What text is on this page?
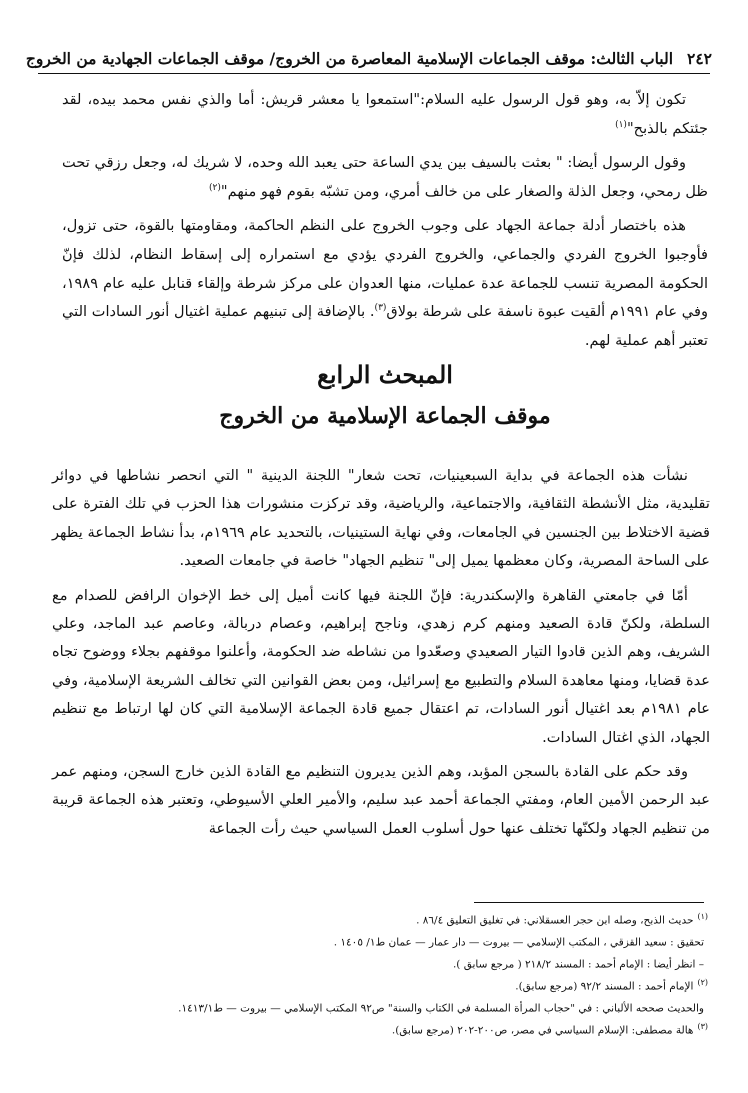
٢٤٢
الباب الثالث: موقف الجماعات الإسلامية المعاصرة من الخروج/ موقف الجماعات الجهادية من الخروج

تكون إلاّ به، وهو قول الرسول عليه السلام:"استمعوا يا معشر قريش: أما والذي نفس محمد بيده، لقد جئتكم بالذبح"$^{(١)}$

وقول الرسول أيضا: " بعثت بالسيف بين يدي الساعة حتى يعبد الله وحده، لا شريك له، وجعل رزقي تحت ظل رمحي، وجعل الذلة والصغار على من خالف أمري، ومن تشبّه بقوم فهو منهم"$^{(٢)}$

هذه باختصار أدلة جماعة الجهاد على وجوب الخروج على النظم الحاكمة، ومقاومتها بالقوة، حتى تزول، فأوجبوا الخروج الفردي والجماعي، والخروج الفردي يؤدي مع استمراره إلى إسقاط النظام، لذلك فإنّ الحكومة المصرية تنسب للجماعة عدة عمليات، منها العدوان على مركز شرطة وإلقاء قنابل عليه عام ١٩٨٩، وفي عام ١٩٩١م ألقيت عبوة ناسفة على شرطة بولاق$^{(٣)}$. بالإضافة إلى تبنيهم عملية اغتيال أنور السادات التي تعتبر أهم عملية لهم.

المبحث الرابع
موقف الجماعة الإسلامية من الخروج

نشأت هذه الجماعة في بداية السبعينيات، تحت شعار" اللجنة الدينية " التي انحصر نشاطها في دوائر تقليدية، مثل الأنشطة الثقافية، والاجتماعية، والرياضية، وقد تركزت منشورات هذا الحزب في تلك الفترة على قضية الاختلاط بين الجنسين في الجامعات، وفي نهاية الستينيات، بالتحديد عام ١٩٦٩م، بدأ نشاط الجماعة يظهر على الساحة المصرية، وكان معظمها يميل إلى" تنظيم الجهاد" خاصة في جامعات الصعيد.

أمّا في جامعتي القاهرة والإسكندرية: فإنّ اللجنة فيها كانت أميل إلى خط الإخوان الرافض للصدام مع السلطة، ولكنّ قادة الصعيد ومنهم كرم زهدي، وناجح إبراهيم، وعصام دربالة، وعاصم عبد الماجد، وعلي الشريف، وهم الذين قادوا التيار الصعيدي وصعّدوا من نشاطه ضد الحكومة، وأعلنوا موقفهم بجلاء ووضوح تجاه عدة قضايا، ومنها معاهدة السلام والتطبيع مع إسرائيل، ومن بعض القوانين التي تخالف الشريعة الإسلامية، وفي عام ١٩٨١م بعد اغتيال أنور السادات، تم اعتقال جميع قادة الجماعة الإسلامية التي كان لها ارتباط مع تنظيم الجهاد، الذي اغتال السادات.

وقد حكم على القادة بالسجن المؤبد، وهم الذين يديرون التنظيم مع القادة الذين خارج السجن، ومنهم عمر عبد الرحمن الأمين العام، ومفتي الجماعة أحمد عبد سليم، والأمير العلي الأسيوطي، وتعتبر هذه الجماعة قريبة من تنظيم الجهاد ولكنّها تختلف عنها حول أسلوب العمل السياسي حيث رأت الجماعة

$^{(١)}$حديث الذبح، وصله ابن حجر العسقلاني: في تغليق التعليق ٨٦/٤ .
تحقيق : سعيد القزقي ، المكتب الإسلامي — بيروت — دار عمار — عمان ط١/ ١٤٠٥ .
– انظر أيضا : الإمام أحمد : المسند ٢١٨/٢ ( مرجع سابق ).
$^{(٢)}$الإمام أحمد : المسند ٩٢/٢ (مرجع سابق).
والحديث صححه الألباني : في "حجاب المرأة المسلمة في الكتاب والسنة" ص٩٢ المكتب الإسلامي — بيروت — ط١٤١٣/١.
$^{(٣)}$هالة مصطفى: الإسلام السياسي في مصر، ص٢٠٠-٢٠٢ (مرجع سابق).
